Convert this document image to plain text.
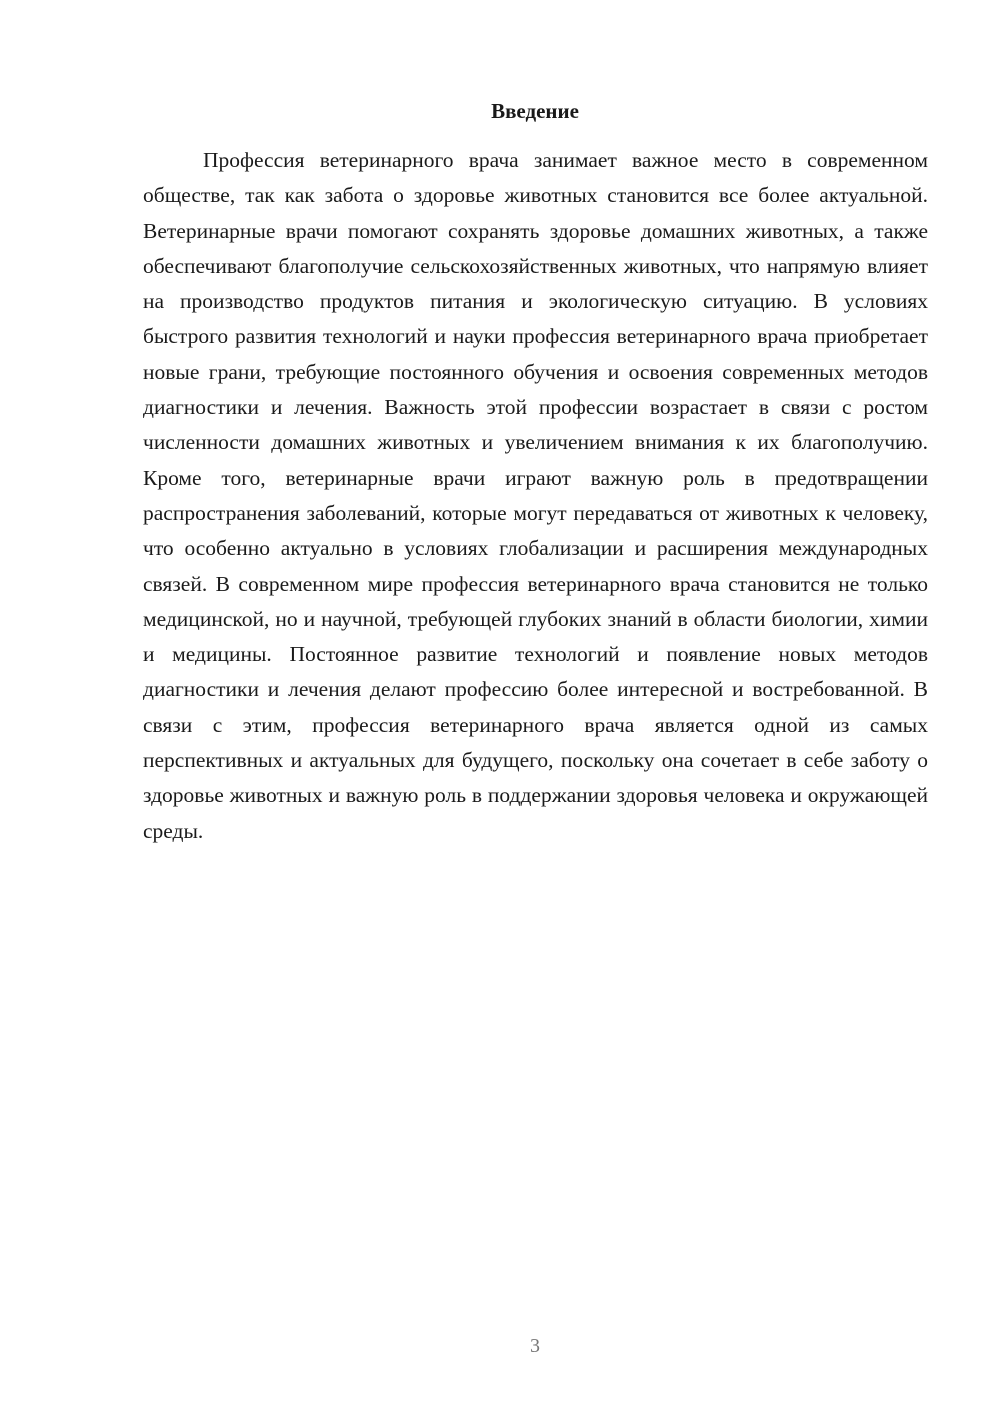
Введение

Профессия ветеринарного врача занимает важное место в современном обществе, так как забота о здоровье животных становится все более актуальной. Ветеринарные врачи помогают сохранять здоровье домашних животных, а также обеспечивают благополучие сельскохозяйственных животных, что напрямую влияет на производство продуктов питания и экологическую ситуацию. В условиях быстрого развития технологий и науки профессия ветеринарного врача приобретает новые грани, требующие постоянного обучения и освоения современных методов диагностики и лечения. Важность этой профессии возрастает в связи с ростом численности домашних животных и увеличением внимания к их благополучию. Кроме того, ветеринарные врачи играют важную роль в предотвращении распространения заболеваний, которые могут передаваться от животных к человеку, что особенно актуально в условиях глобализации и расширения международных связей. В современном мире профессия ветеринарного врача становится не только медицинской, но и научной, требующей глубоких знаний в области биологии, химии и медицины. Постоянное развитие технологий и появление новых методов диагностики и лечения делают профессию более интересной и востребованной. В связи с этим, профессия ветеринарного врача является одной из самых перспективных и актуальных для будущего, поскольку она сочетает в себе заботу о здоровье животных и важную роль в поддержании здоровья человека и окружающей среды.

3
